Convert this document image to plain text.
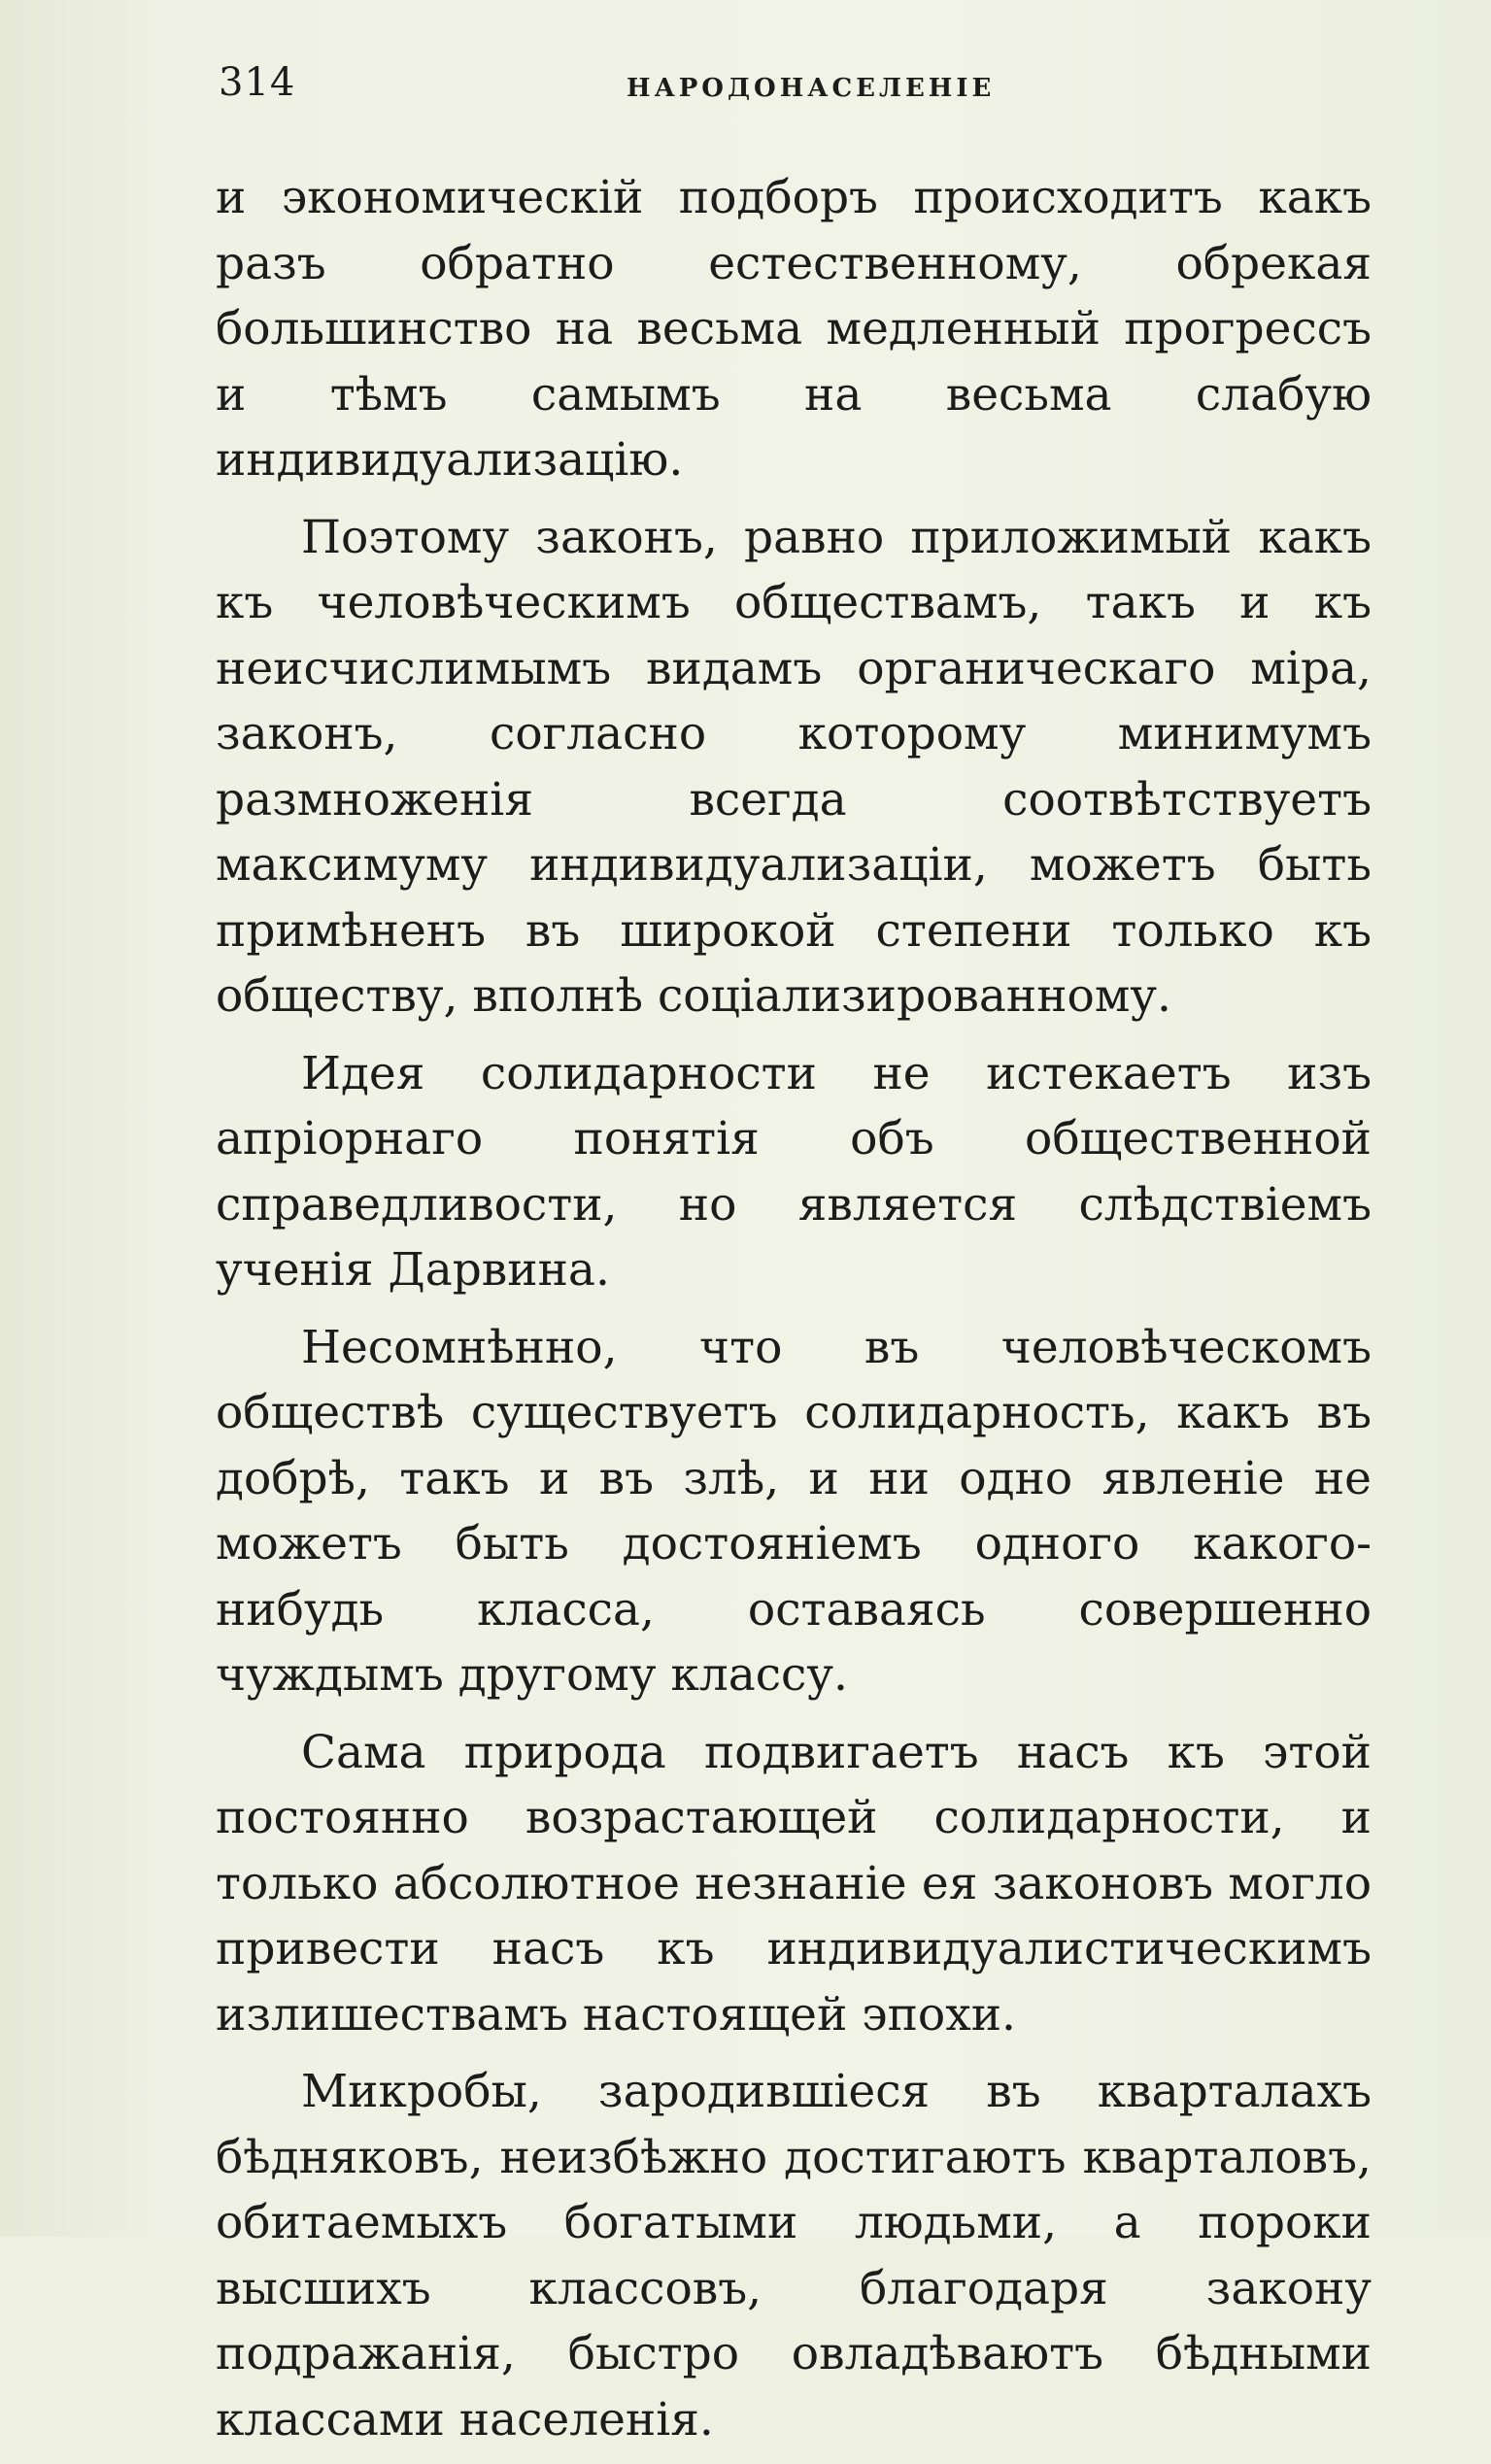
314	НАРОДОНАСЕЛЕНІЕ

и экономическій подборъ происходитъ какъ разъ обратно естественному, обрекая большинство на весьма медленный прогрессъ и тѣмъ самымъ на весьма слабую индивидуализацію.

Поэтому законъ, равно приложимый какъ къ человѣческимъ обществамъ, такъ и къ неисчислимымъ видамъ органическаго міра, законъ, согласно которому минимумъ размноженія всегда соотвѣтствуетъ максимуму индивидуализаціи, можетъ быть примѣненъ въ широкой степени только къ обществу, вполнѣ соціализированному.

Идея солидарности не истекаетъ изъ апріорнаго понятія объ общественной справедливости, но является слѣдствіемъ ученія Дарвина.

Несомнѣнно, что въ человѣческомъ обществѣ существуетъ солидарность, какъ въ добрѣ, такъ и въ злѣ, и ни одно явленіе не можетъ быть достояніемъ одного какого-нибудь класса, оставаясь совершенно чуждымъ другому классу.

Сама природа подвигаетъ насъ къ этой постоянно возрастающей солидарности, и только абсолютное незнаніе ея законовъ могло привести насъ къ индивидуалистическимъ излишествамъ настоящей эпохи.

Микробы, зародившіеся въ кварталахъ бѣдняковъ, неизбѣжно достигаютъ кварталовъ, обитаемыхъ богатыми людьми, а пороки высшихъ классовъ, благодаря закону подражанія, быстро овладѣваютъ бѣдными классами населенія.
